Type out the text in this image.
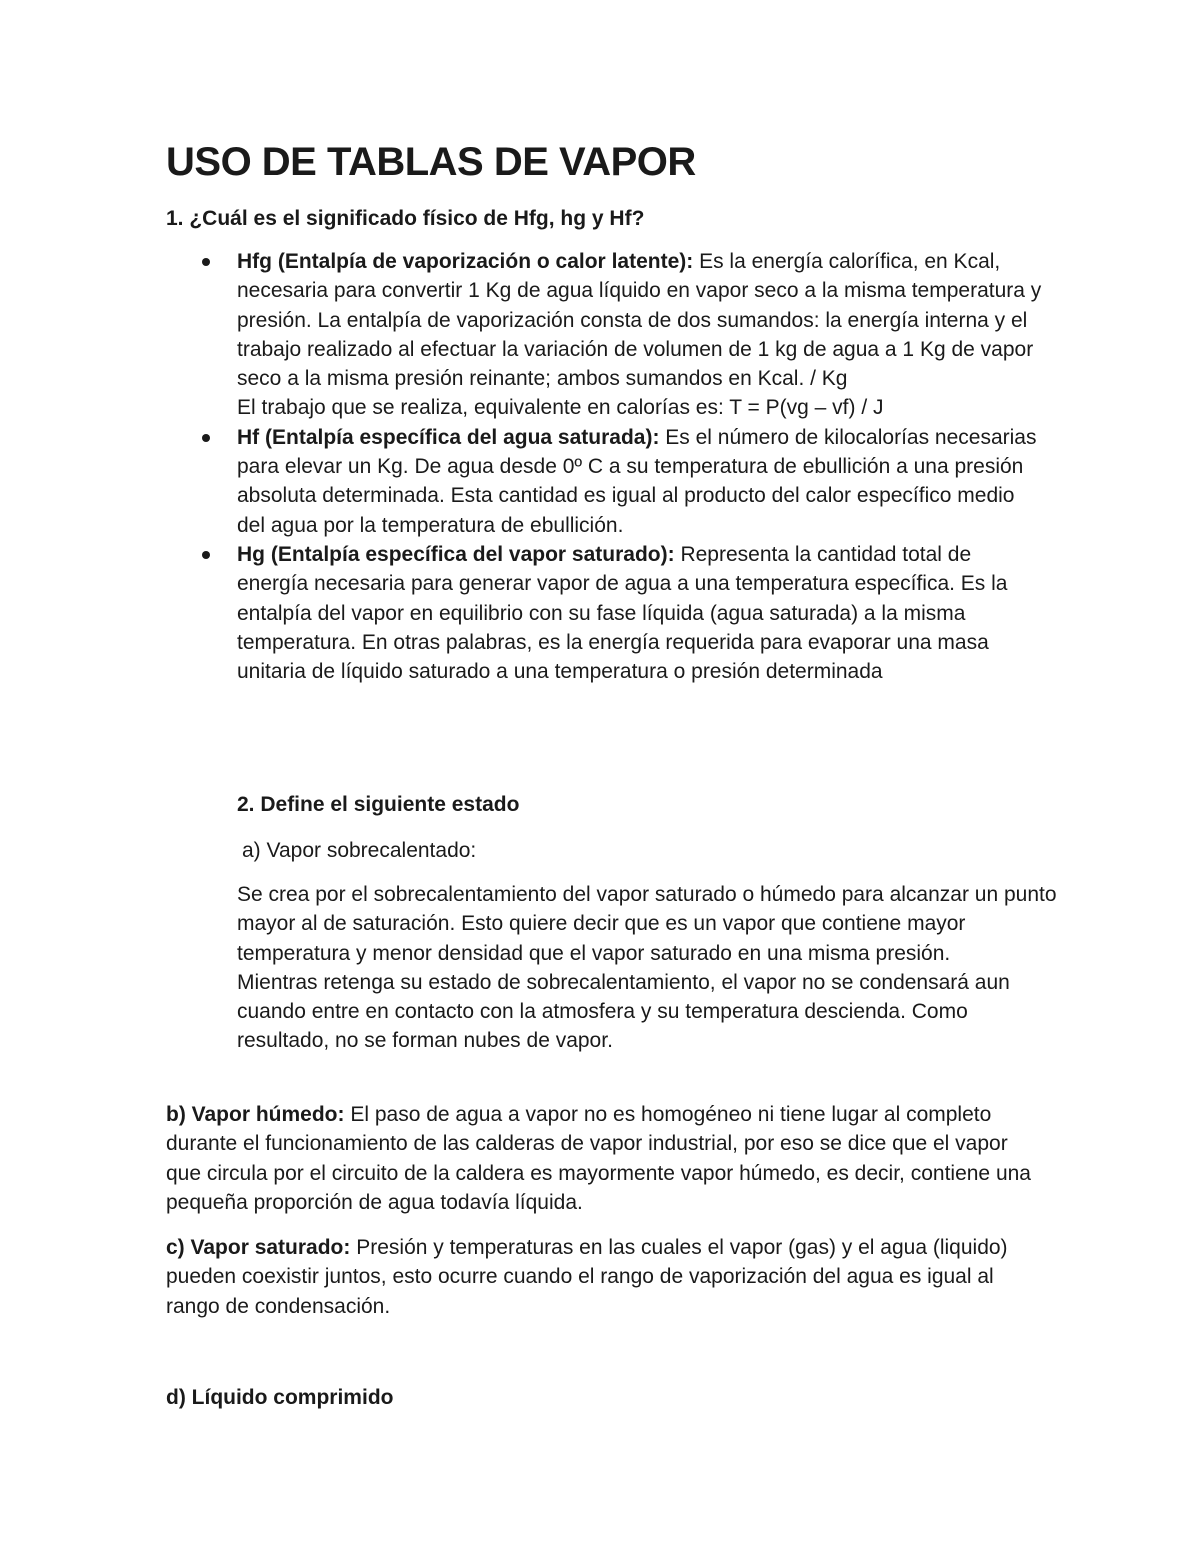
USO DE TABLAS DE VAPOR

1. ¿Cuál es el significado físico de Hfg, hg y Hf?

Hfg (Entalpía de vaporización o calor latente): Es la energía calorífica, en Kcal, necesaria para convertir 1 Kg de agua líquido en vapor seco a la misma temperatura y presión. La entalpía de vaporización consta de dos sumandos: la energía interna y el trabajo realizado al efectuar la variación de volumen de 1 kg de agua a 1 Kg de vapor seco a la misma presión reinante; ambos sumandos en Kcal. / Kg
El trabajo que se realiza, equivalente en calorías es: T = P(vg – vf) / J
Hf (Entalpía específica del agua saturada): Es el número de kilocalorías necesarias para elevar un Kg. De agua desde 0º C a su temperatura de ebullición a una presión absoluta determinada. Esta cantidad es igual al producto del calor específico medio del agua por la temperatura de ebullición.
Hg (Entalpía específica del vapor saturado): Representa la cantidad total de energía necesaria para generar vapor de agua a una temperatura específica. Es la entalpía del vapor en equilibrio con su fase líquida (agua saturada) a la misma temperatura. En otras palabras, es la energía requerida para evaporar una masa unitaria de líquido saturado a una temperatura o presión determinada
2. Define el siguiente estado
a) Vapor sobrecalentado:

Se crea por el sobrecalentamiento del vapor saturado o húmedo para alcanzar un punto mayor al de saturación. Esto quiere decir que es un vapor que contiene mayor temperatura y menor densidad que el vapor saturado en una misma presión.

Mientras retenga su estado de sobrecalentamiento, el vapor no se condensará aun cuando entre en contacto con la atmosfera y su temperatura descienda. Como resultado, no se forman nubes de vapor.

b) Vapor húmedo: El paso de agua a vapor no es homogéneo ni tiene lugar al completo durante el funcionamiento de las calderas de vapor industrial, por eso se dice que el vapor que circula por el circuito de la caldera es mayormente vapor húmedo, es decir, contiene una pequeña proporción de agua todavía líquida.

c) Vapor saturado: Presión y temperaturas en las cuales el vapor (gas) y el agua (liquido) pueden coexistir juntos, esto ocurre cuando el rango de vaporización del agua es igual al rango de condensación.

d) Líquido comprimido
